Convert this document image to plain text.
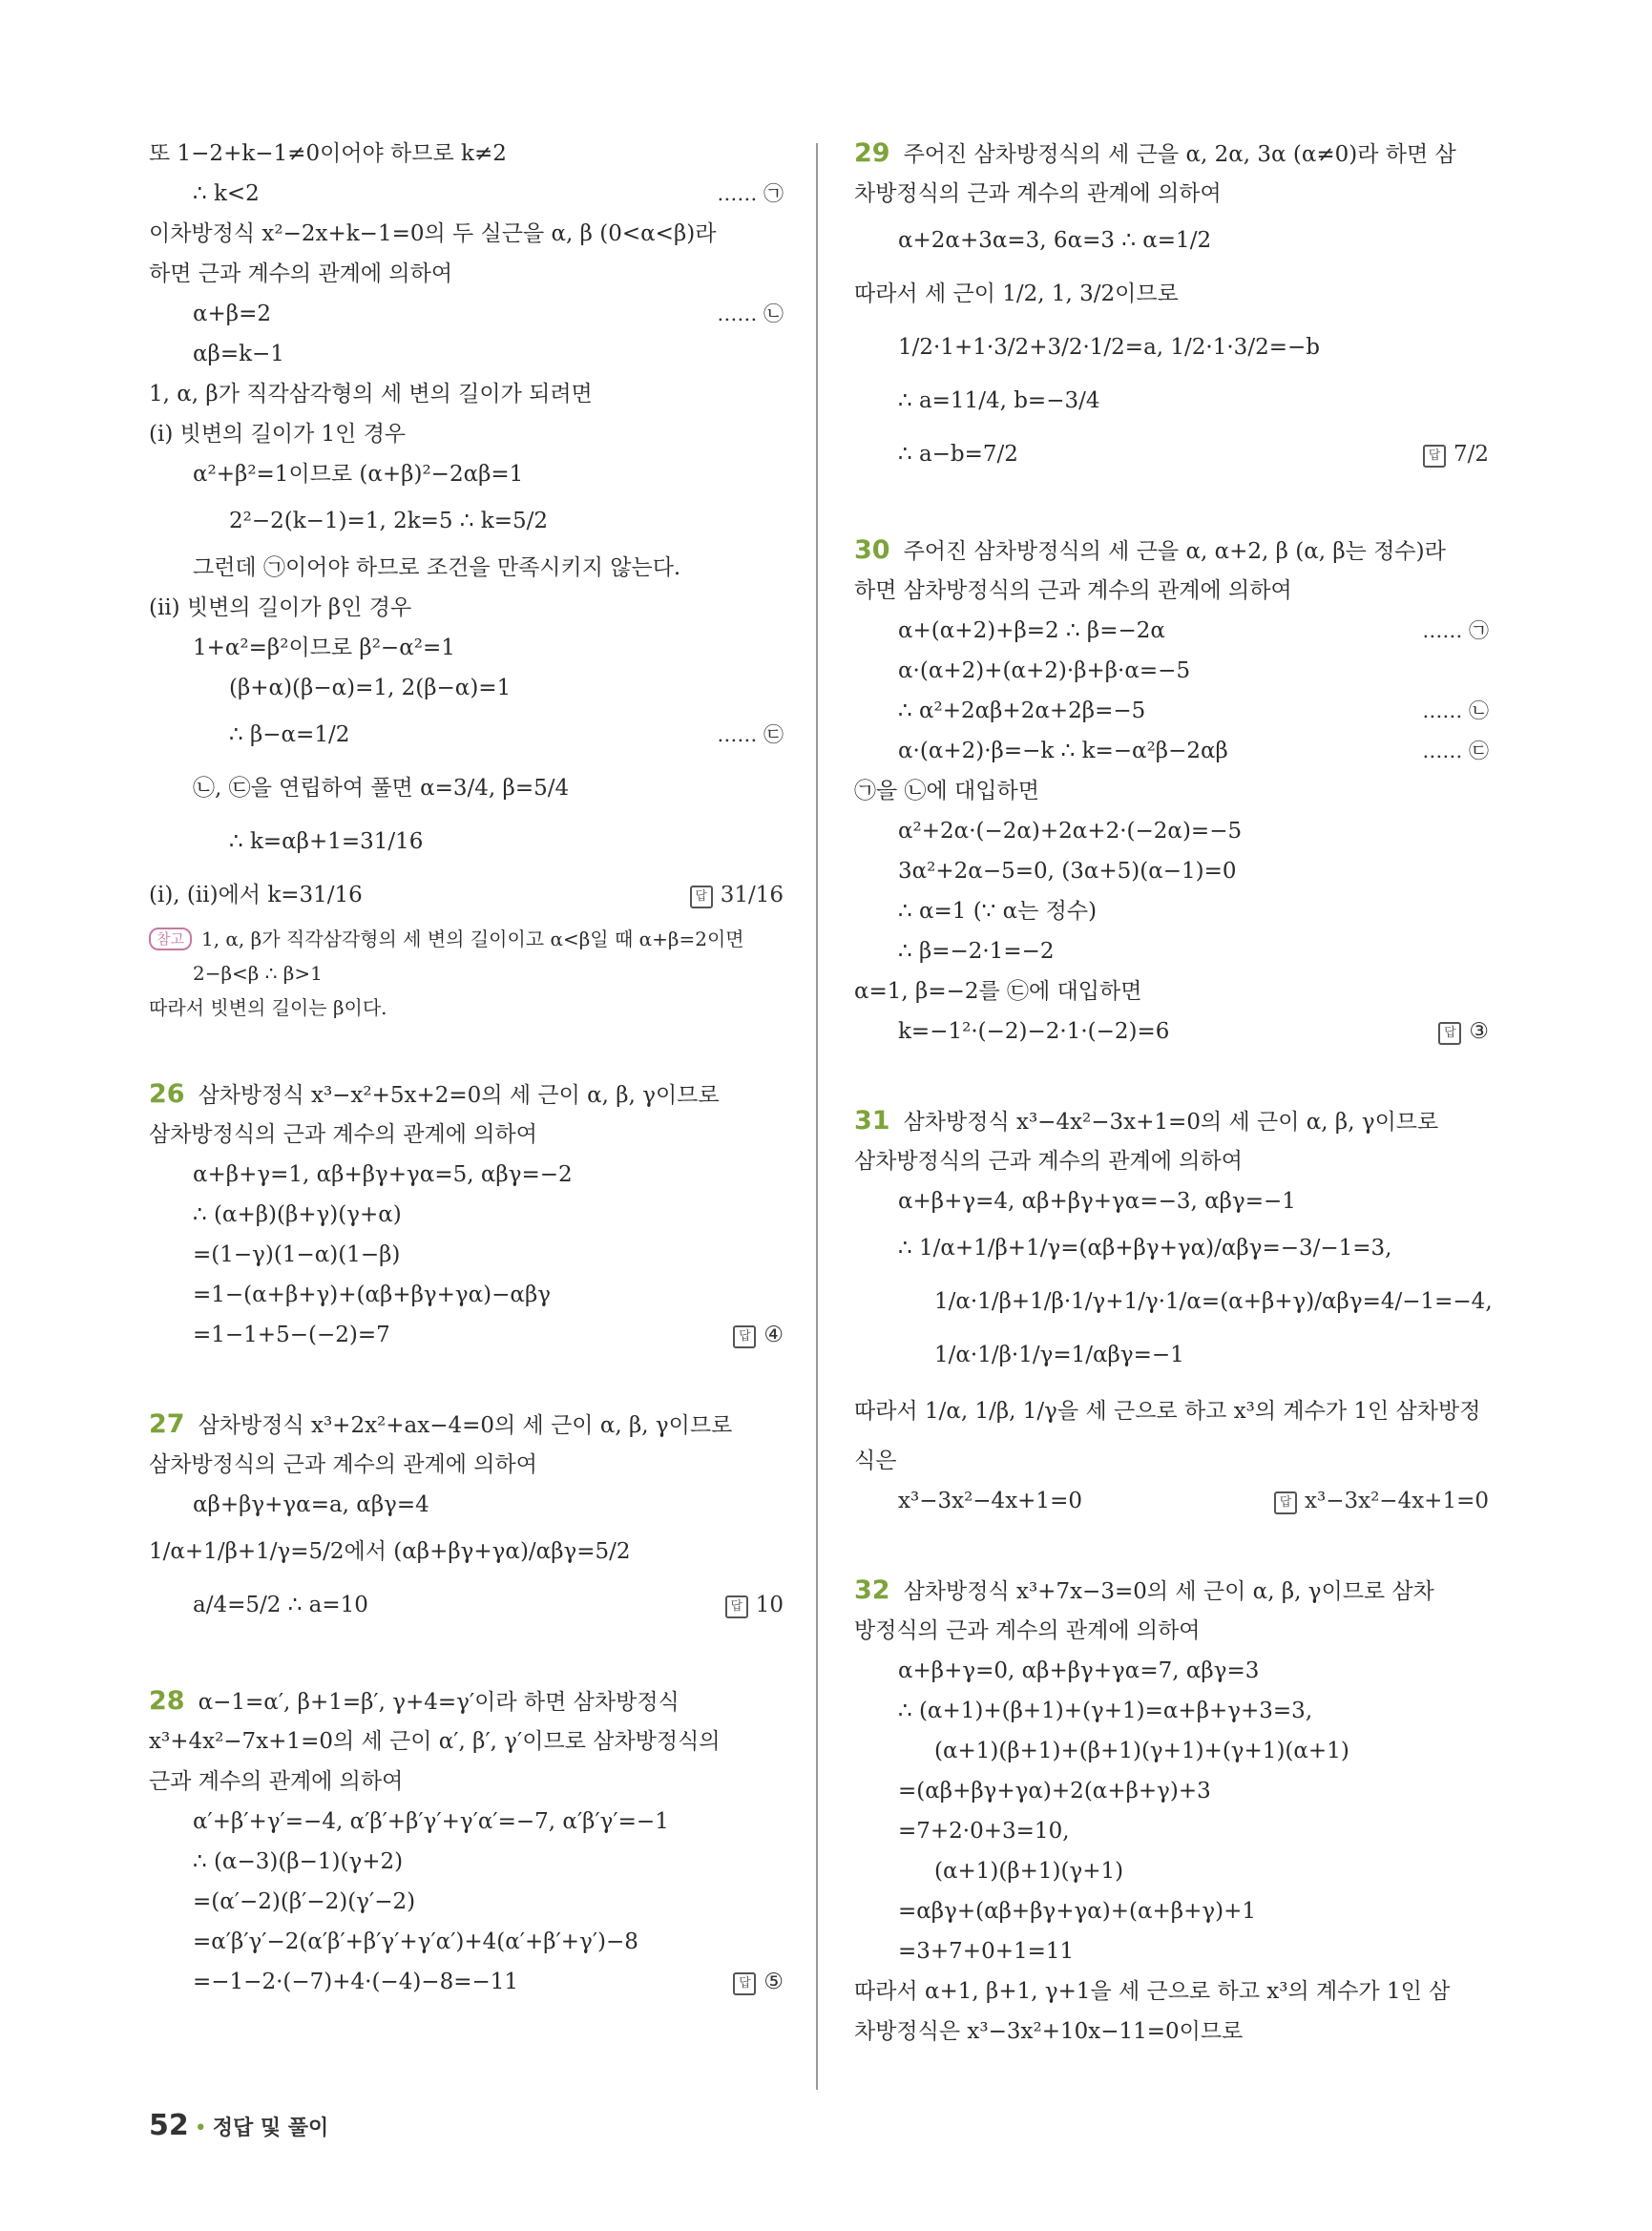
또 1−2+k−1≠0이어야 하므로 k≠2
∴ k<2	…… ㉠
이차방정식 x²−2x+k−1=0의 두 실근을 α, β (0<α<β)라
하면 근과 계수의 관계에 의하여
α+β=2	…… ㉡
αβ=k−1
1, α, β가 직각삼각형의 세 변의 길이가 되려면
(ⅰ) 빗변의 길이가 1인 경우
α²+β²=1이므로 (α+β)²−2αβ=1
2²−2(k−1)=1, 2k=5 ∴ k=5/2
그런데 ㉠이어야 하므로 조건을 만족시키지 않는다.
(ⅱ) 빗변의 길이가 β인 경우
1+α²=β²이므로 β²−α²=1
(β+α)(β−α)=1, 2(β−α)=1
∴ β−α=1/2	…… ㉢
㉡, ㉢을 연립하여 풀면 α=3/4, β=5/4
∴ k=αβ+1=31/16
(ⅰ), (ⅱ)에서 k=31/16	답 31/16
참고 1, α, β가 직각삼각형의 세 변의 길이이고 α<β일 때 α+β=2이면
2−β<β ∴ β>1
따라서 빗변의 길이는 β이다.
26 삼차방정식 x³−x²+5x+2=0의 세 근이 α, β, γ이므로
삼차방정식의 근과 계수의 관계에 의하여
α+β+γ=1, αβ+βγ+γα=5, αβγ=−2
∴ (α+β)(β+γ)(γ+α)
=(1−γ)(1−α)(1−β)
=1−(α+β+γ)+(αβ+βγ+γα)−αβγ
=1−1+5−(−2)=7	답 ④
27 삼차방정식 x³+2x²+ax−4=0의 세 근이 α, β, γ이므로
삼차방정식의 근과 계수의 관계에 의하여
αβ+βγ+γα=a, αβγ=4
1/α+1/β+1/γ=5/2에서 (αβ+βγ+γα)/αβγ=5/2
a/4=5/2 ∴ a=10	답 10
28 α−1=α′, β+1=β′, γ+4=γ′이라 하면 삼차방정식
x³+4x²−7x+1=0의 세 근이 α′, β′, γ′이므로 삼차방정식의
근과 계수의 관계에 의하여
α′+β′+γ′=−4, α′β′+β′γ′+γ′α′=−7, α′β′γ′=−1
∴ (α−3)(β−1)(γ+2)
=(α′−2)(β′−2)(γ′−2)
=α′β′γ′−2(α′β′+β′γ′+γ′α′)+4(α′+β′+γ′)−8
=−1−2·(−7)+4·(−4)−8=−11	답 ⑤
29 주어진 삼차방정식의 세 근을 α, 2α, 3α (α≠0)라 하면 삼
차방정식의 근과 계수의 관계에 의하여
α+2α+3α=3, 6α=3 ∴ α=1/2
따라서 세 근이 1/2, 1, 3/2이므로
1/2·1+1·3/2+3/2·1/2=a, 1/2·1·3/2=−b
∴ a=11/4, b=−3/4
∴ a−b=7/2	답 7/2
30 주어진 삼차방정식의 세 근을 α, α+2, β (α, β는 정수)라
하면 삼차방정식의 근과 계수의 관계에 의하여
α+(α+2)+β=2 ∴ β=−2α	…… ㉠
α·(α+2)+(α+2)·β+β·α=−5
∴ α²+2αβ+2α+2β=−5	…… ㉡
α·(α+2)·β=−k ∴ k=−α²β−2αβ	…… ㉢
㉠을 ㉡에 대입하면
α²+2α·(−2α)+2α+2·(−2α)=−5
3α²+2α−5=0, (3α+5)(α−1)=0
∴ α=1 (∵ α는 정수)
∴ β=−2·1=−2
α=1, β=−2를 ㉢에 대입하면
k=−1²·(−2)−2·1·(−2)=6	답 ③
31 삼차방정식 x³−4x²−3x+1=0의 세 근이 α, β, γ이므로
삼차방정식의 근과 계수의 관계에 의하여
α+β+γ=4, αβ+βγ+γα=−3, αβγ=−1
∴ 1/α+1/β+1/γ=(αβ+βγ+γα)/αβγ=−3/−1=3,
1/α·1/β+1/β·1/γ+1/γ·1/α=(α+β+γ)/αβγ=4/−1=−4,
1/α·1/β·1/γ=1/αβγ=−1
따라서 1/α, 1/β, 1/γ을 세 근으로 하고 x³의 계수가 1인 삼차방정
식은
x³−3x²−4x+1=0	답 x³−3x²−4x+1=0
32 삼차방정식 x³+7x−3=0의 세 근이 α, β, γ이므로 삼차
방정식의 근과 계수의 관계에 의하여
α+β+γ=0, αβ+βγ+γα=7, αβγ=3
∴ (α+1)+(β+1)+(γ+1)=α+β+γ+3=3,
(α+1)(β+1)+(β+1)(γ+1)+(γ+1)(α+1)
=(αβ+βγ+γα)+2(α+β+γ)+3
=7+2·0+3=10,
(α+1)(β+1)(γ+1)
=αβγ+(αβ+βγ+γα)+(α+β+γ)+1
=3+7+0+1=11
따라서 α+1, β+1, γ+1을 세 근으로 하고 x³의 계수가 1인 삼
차방정식은 x³−3x²+10x−11=0이므로
52 • 정답 및 풀이
